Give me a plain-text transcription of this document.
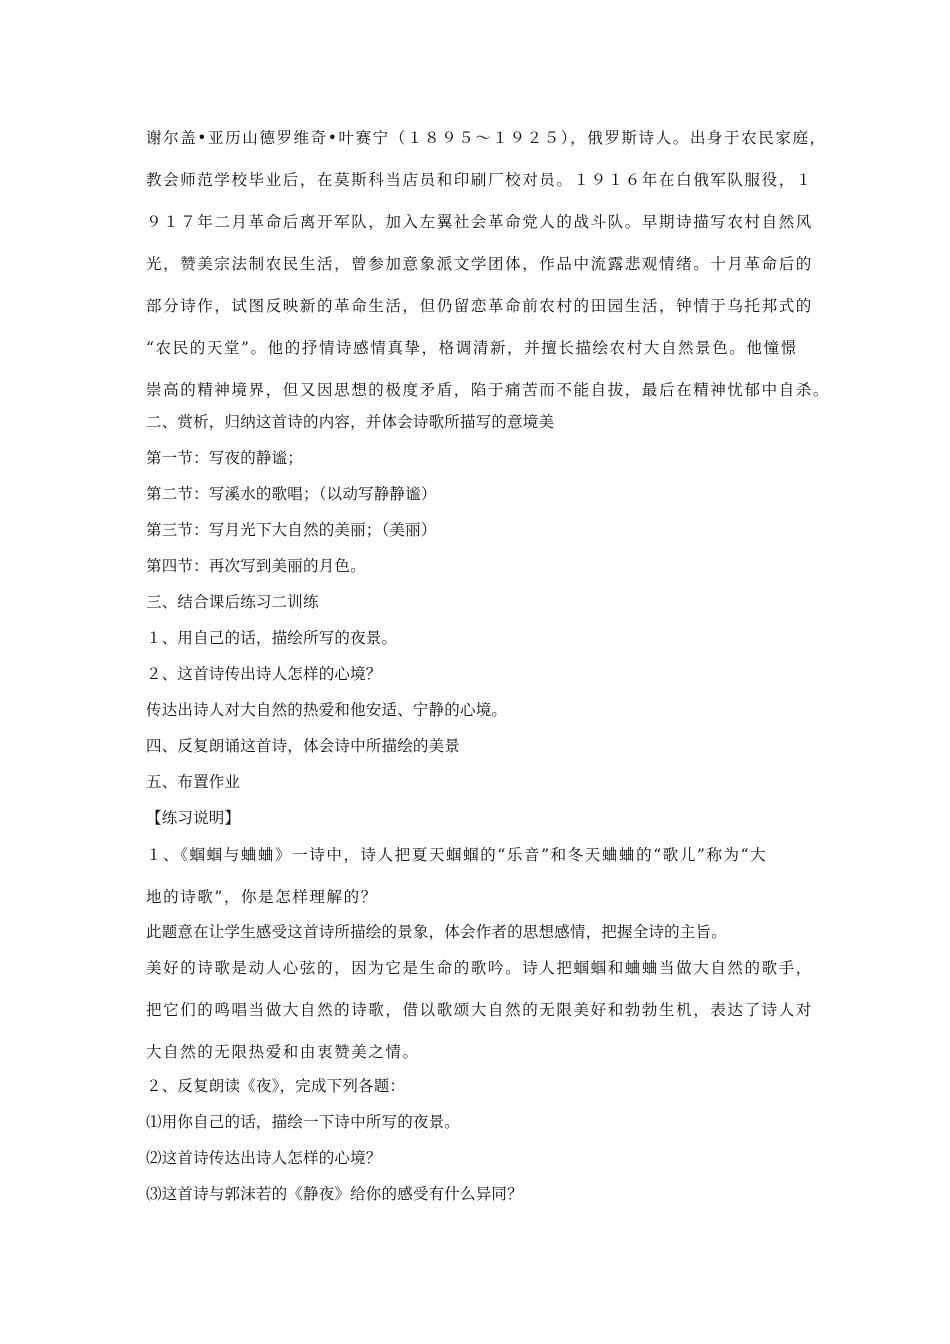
谢尔盖•亚历山德罗维奇•叶赛宁（１８９５～１９２５），俄罗斯诗人。出身于农民家庭，
教会师范学校毕业后，在莫斯科当店员和印刷厂校对员。１９１６年在白俄军队服役，１
９１７年二月革命后离开军队，加入左翼社会革命党人的战斗队。早期诗描写农村自然风
光，赞美宗法制农民生活，曾参加意象派文学团体，作品中流露悲观情绪。十月革命后的
部分诗作，试图反映新的革命生活，但仍留恋革命前农村的田园生活，钟情于乌托邦式的
“农民的天堂”。他的抒情诗感情真挚，格调清新，并擅长描绘农村大自然景色。他憧憬
崇高的精神境界，但又因思想的极度矛盾，陷于痛苦而不能自拔，最后在精神忧郁中自杀。
二、赏析，归纳这首诗的内容，并体会诗歌所描写的意境美
第一节：写夜的静谧；
第二节：写溪水的歌唱；（以动写静静谧）
第三节：写月光下大自然的美丽；（美丽）
第四节：再次写到美丽的月色。
三、结合课后练习二训练
１、用自己的话，描绘所写的夜景。
２、这首诗传出诗人怎样的心境？
传达出诗人对大自然的热爱和他安适、宁静的心境。
四、反复朗诵这首诗，体会诗中所描绘的美景
五、布置作业
【练习说明】
１、《蝈蝈与蛐蛐》一诗中，诗人把夏天蝈蝈的“乐音”和冬天蛐蛐的“歌儿”称为“大
地的诗歌”，你是怎样理解的？
此题意在让学生感受这首诗所描绘的景象，体会作者的思想感情，把握全诗的主旨。
美好的诗歌是动人心弦的，因为它是生命的歌吟。诗人把蝈蝈和蛐蛐当做大自然的歌手，
把它们的鸣唱当做大自然的诗歌，借以歌颂大自然的无限美好和勃勃生机，表达了诗人对
大自然的无限热爱和由衷赞美之情。
２、反复朗读《夜》，完成下列各题：
⑴用你自己的话，描绘一下诗中所写的夜景。
⑵这首诗传达出诗人怎样的心境？
⑶这首诗与郭沫若的《静夜》给你的感受有什么异同？
